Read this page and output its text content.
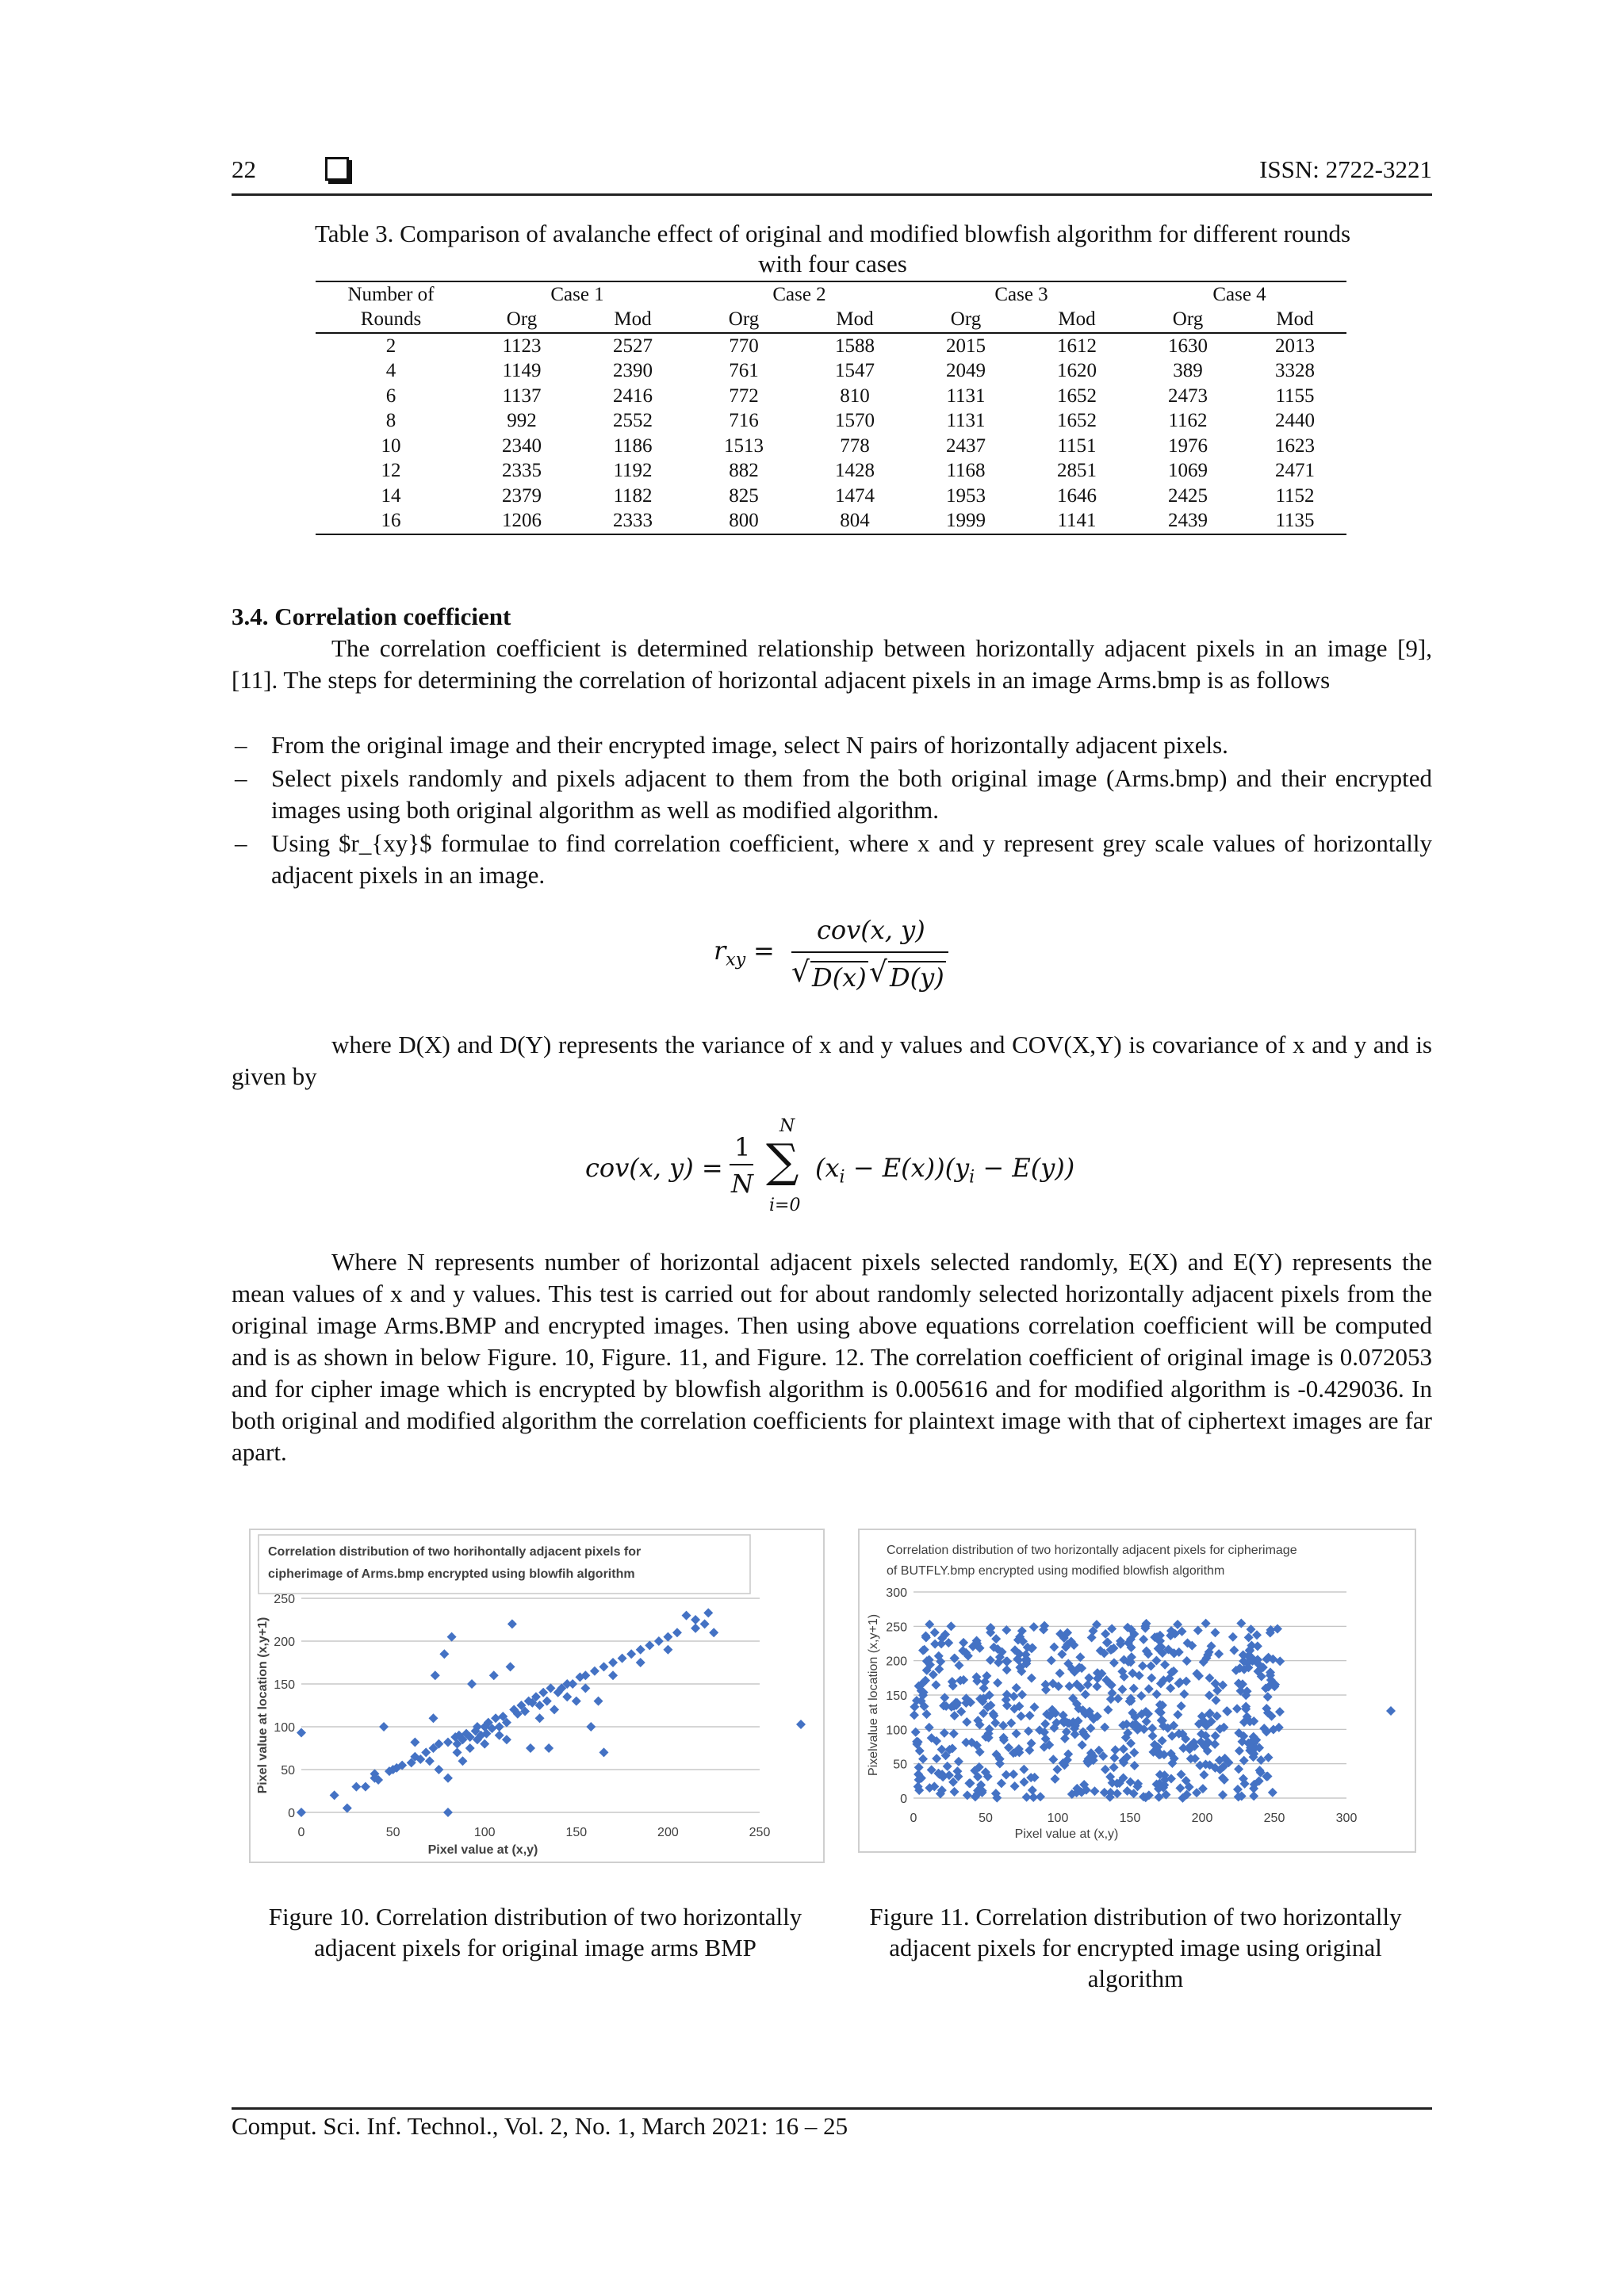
22	ISSN: 2722-3221
Table 3. Comparison of avalanche effect of original and modified blowfish algorithm for different rounds
with four cases
Number of	Case 1		Case 2		Case 3		Case 4	
Rounds	Org	Mod	Org	Mod	Org	Mod	Org	Mod
2	1123	2527	770	1588	2015	1612	1630	2013
4	1149	2390	761	1547	2049	1620	389	3328
6	1137	2416	772	810	1131	1652	2473	1155
8	992	2552	716	1570	1131	1652	1162	2440
10	2340	1186	1513	778	2437	1151	1976	1623
12	2335	1192	882	1428	1168	2851	1069	2471
14	2379	1182	825	1474	1953	1646	2425	1152
16	1206	2333	800	804	1999	1141	2439	1135
3.4. Correlation coefficient
The correlation coefficient is determined relationship between horizontally adjacent pixels in an image [9], [11]. The steps for determining the correlation of horizontal adjacent pixels in an image Arms.bmp is as follows
– From the original image and their encrypted image, select N pairs of horizontally adjacent pixels.
– Select pixels randomly and pixels adjacent to them from the both original image (Arms.bmp) and their encrypted images using both original algorithm as well as modified algorithm.
– Using $r_{xy}$ formulae to find correlation coefficient, where x and y represent grey scale values of horizontally adjacent pixels in an image.
$r_{xy}$ =
cov(x, y)
√ D(x) √ D(y)
where D(X) and D(Y) represents the variance of x and y values and COV(X,Y) is covariance of x and y and is given by
cov(x, y) =
1
N
N
∑
i=0
$(x_i - E(x))(y_i - E(y))$
Where N represents number of horizontal adjacent pixels selected randomly, E(X) and E(Y) represents the mean values of x and y values. This test is carried out for about randomly selected horizontally adjacent pixels from the original image Arms.BMP and encrypted images. Then using above equations correlation coefficient will be computed and is as shown in below Figure. 10, Figure. 11, and Figure. 12. The correlation coefficient of original image is 0.072053 and for cipher image which is encrypted by blowfish algorithm is 0.005616 and for modified algorithm is -0.429036. In both original and modified algorithm the correlation coefficients for plaintext image with that of ciphertext images are far apart.
Correlation distribution of two horihontally adjacent pixels for
cipherimage of Arms.bmp encrypted using blowfih algorithm
0
50
100
150
200
250
0	50	100	150	200	250
Pixel value at (x,y)
Pixel value at location (x,y+1)
Figure 10. Correlation distribution of two horizontally adjacent pixels for original image arms BMP
Correlation distribution of two horizontally adjacent pixels for cipherimage
of BUTFLY.bmp encrypted using modified blowfish algorithm
0
50
100
150
200
250
300
0	50	100	150	200	250	300
Pixel value at (x,y)
Pixelvalue at location (x,y+1)
Figure 11. Correlation distribution of two horizontally adjacent pixels for encrypted image using original algorithm
Comput. Sci. Inf. Technol., Vol. 2, No. 1, March 2021: 16 – 25
